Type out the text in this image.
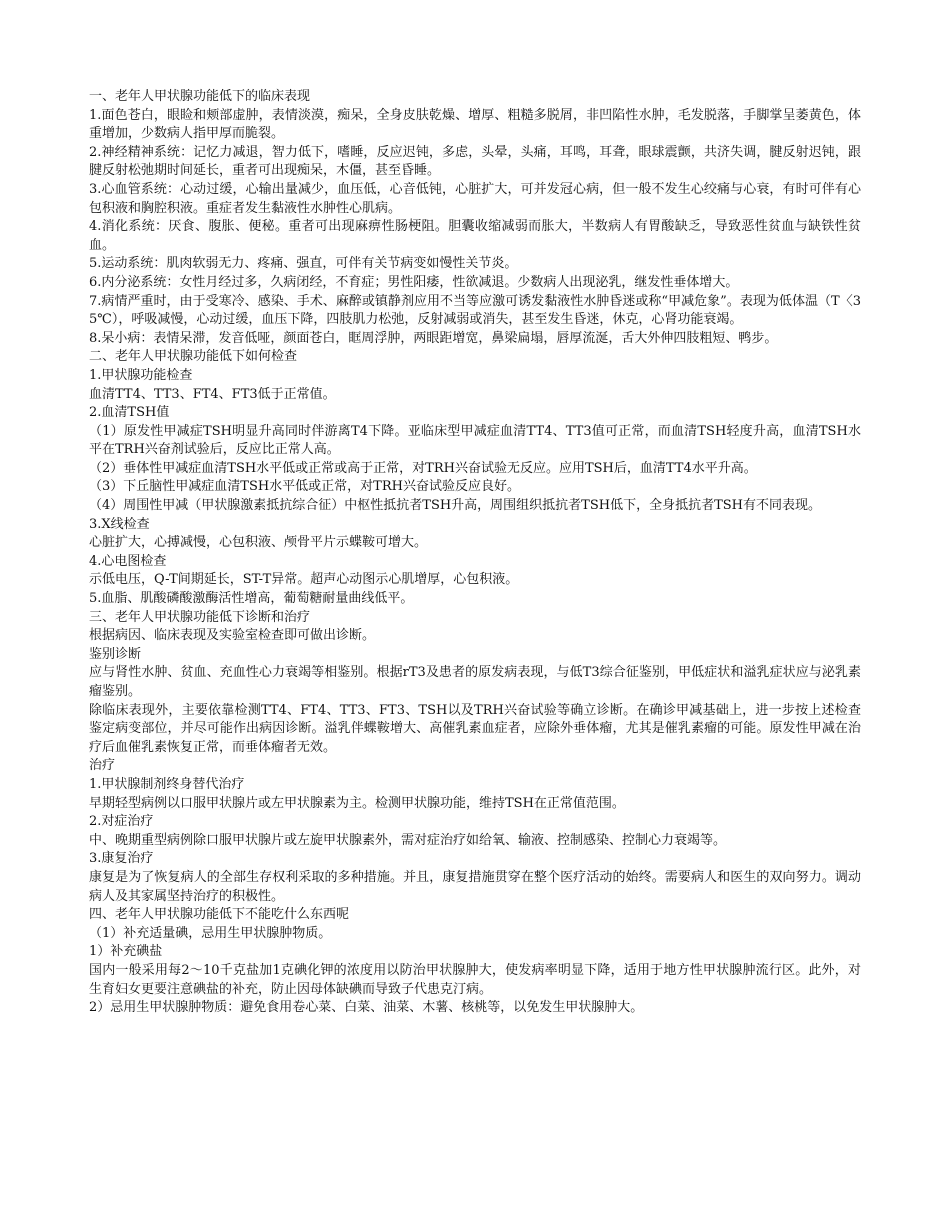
一、老年人甲状腺功能低下的临床表现

1.面色苍白，眼睑和颊部虚肿，表情淡漠，痴呆，全身皮肤乾燥、增厚、粗糙多脱屑，非凹陷性水肿，毛发脱落，手脚掌呈萎黄色，体重增加，少数病人指甲厚而脆裂。

2.神经精神系统：记忆力减退，智力低下，嗜睡，反应迟钝，多虑，头晕，头痛，耳鸣，耳聋，眼球震颤，共济失调，腱反射迟钝，跟腱反射松弛期时间延长，重者可出现痴呆，木僵，甚至昏睡。

3.心血管系统：心动过缓，心输出量减少，血压低，心音低钝，心脏扩大，可并发冠心病，但一般不发生心绞痛与心衰，有时可伴有心包积液和胸腔积液。重症者发生黏液性水肿性心肌病。

4.消化系统：厌食、腹胀、便秘。重者可出现麻痹性肠梗阻。胆囊收缩减弱而胀大，半数病人有胃酸缺乏，导致恶性贫血与缺铁性贫血。

5.运动系统：肌肉软弱无力、疼痛、强直，可伴有关节病变如慢性关节炎。

6.内分泌系统：女性月经过多，久病闭经，不育症；男性阳痿，性欲减退。少数病人出现泌乳，继发性垂体增大。

7.病情严重时，由于受寒冷、感染、手术、麻醉或镇静剂应用不当等应激可诱发黏液性水肿昏迷或称“甲减危象”。表现为低体温（T〈35℃），呼吸减慢，心动过缓，血压下降，四肢肌力松弛，反射减弱或消失，甚至发生昏迷，休克，心肾功能衰竭。

8.呆小病：表情呆滞，发音低哑，颜面苍白，眶周浮肿，两眼距增宽，鼻梁扁塌，唇厚流涎，舌大外伸四肢粗短、鸭步。

二、老年人甲状腺功能低下如何检查

1.甲状腺功能检查

血清TT4、TT3、FT4、FT3低于正常值。

2.血清TSH值

（1）原发性甲减症TSH明显升高同时伴游离T4下降。亚临床型甲减症血清TT4、TT3值可正常，而血清TSH轻度升高，血清TSH水平在TRH兴奋剂试验后，反应比正常人高。

（2）垂体性甲减症血清TSH水平低或正常或高于正常，对TRH兴奋试验无反应。应用TSH后，血清TT4水平升高。

（3）下丘脑性甲减症血清TSH水平低或正常，对TRH兴奋试验反应良好。

（4）周围性甲减（甲状腺激素抵抗综合征）中枢性抵抗者TSH升高，周围组织抵抗者TSH低下，全身抵抗者TSH有不同表现。

3.X线检查

心脏扩大，心搏减慢，心包积液、颅骨平片示蝶鞍可增大。

4.心电图检查

示低电压，Q-T间期延长，ST-T异常。超声心动图示心肌增厚，心包积液。

5.血脂、肌酸磷酸激酶活性增高，葡萄糖耐量曲线低平。

三、老年人甲状腺功能低下诊断和治疗

根据病因、临床表现及实验室检查即可做出诊断。

鉴别诊断

应与肾性水肿、贫血、充血性心力衰竭等相鉴别。根据rT3及患者的原发病表现，与低T3综合征鉴别，甲低症状和溢乳症状应与泌乳素瘤鉴别。

除临床表现外，主要依靠检测TT4、FT4、TT3、FT3、TSH以及TRH兴奋试验等确立诊断。在确诊甲减基础上，进一步按上述检查鉴定病变部位，并尽可能作出病因诊断。溢乳伴蝶鞍增大、高催乳素血症者，应除外垂体瘤，尤其是催乳素瘤的可能。原发性甲减在治疗后血催乳素恢复正常，而垂体瘤者无效。

治疗

1.甲状腺制剂终身替代治疗

早期轻型病例以口服甲状腺片或左甲状腺素为主。检测甲状腺功能，维持TSH在正常值范围。

2.对症治疗

中、晚期重型病例除口服甲状腺片或左旋甲状腺素外，需对症治疗如给氧、输液、控制感染、控制心力衰竭等。

3.康复治疗

康复是为了恢复病人的全部生存权利采取的多种措施。并且，康复措施贯穿在整个医疗活动的始终。需要病人和医生的双向努力。调动病人及其家属坚持治疗的积极性。

四、老年人甲状腺功能低下不能吃什么东西呢

（1）补充适量碘，忌用生甲状腺肿物质。

1）补充碘盐

国内一般采用每2～10千克盐加1克碘化钾的浓度用以防治甲状腺肿大，使发病率明显下降，适用于地方性甲状腺肿流行区。此外，对生育妇女更要注意碘盐的补充，防止因母体缺碘而导致子代患克汀病。

2）忌用生甲状腺肿物质：避免食用卷心菜、白菜、油菜、木薯、核桃等，以免发生甲状腺肿大。
